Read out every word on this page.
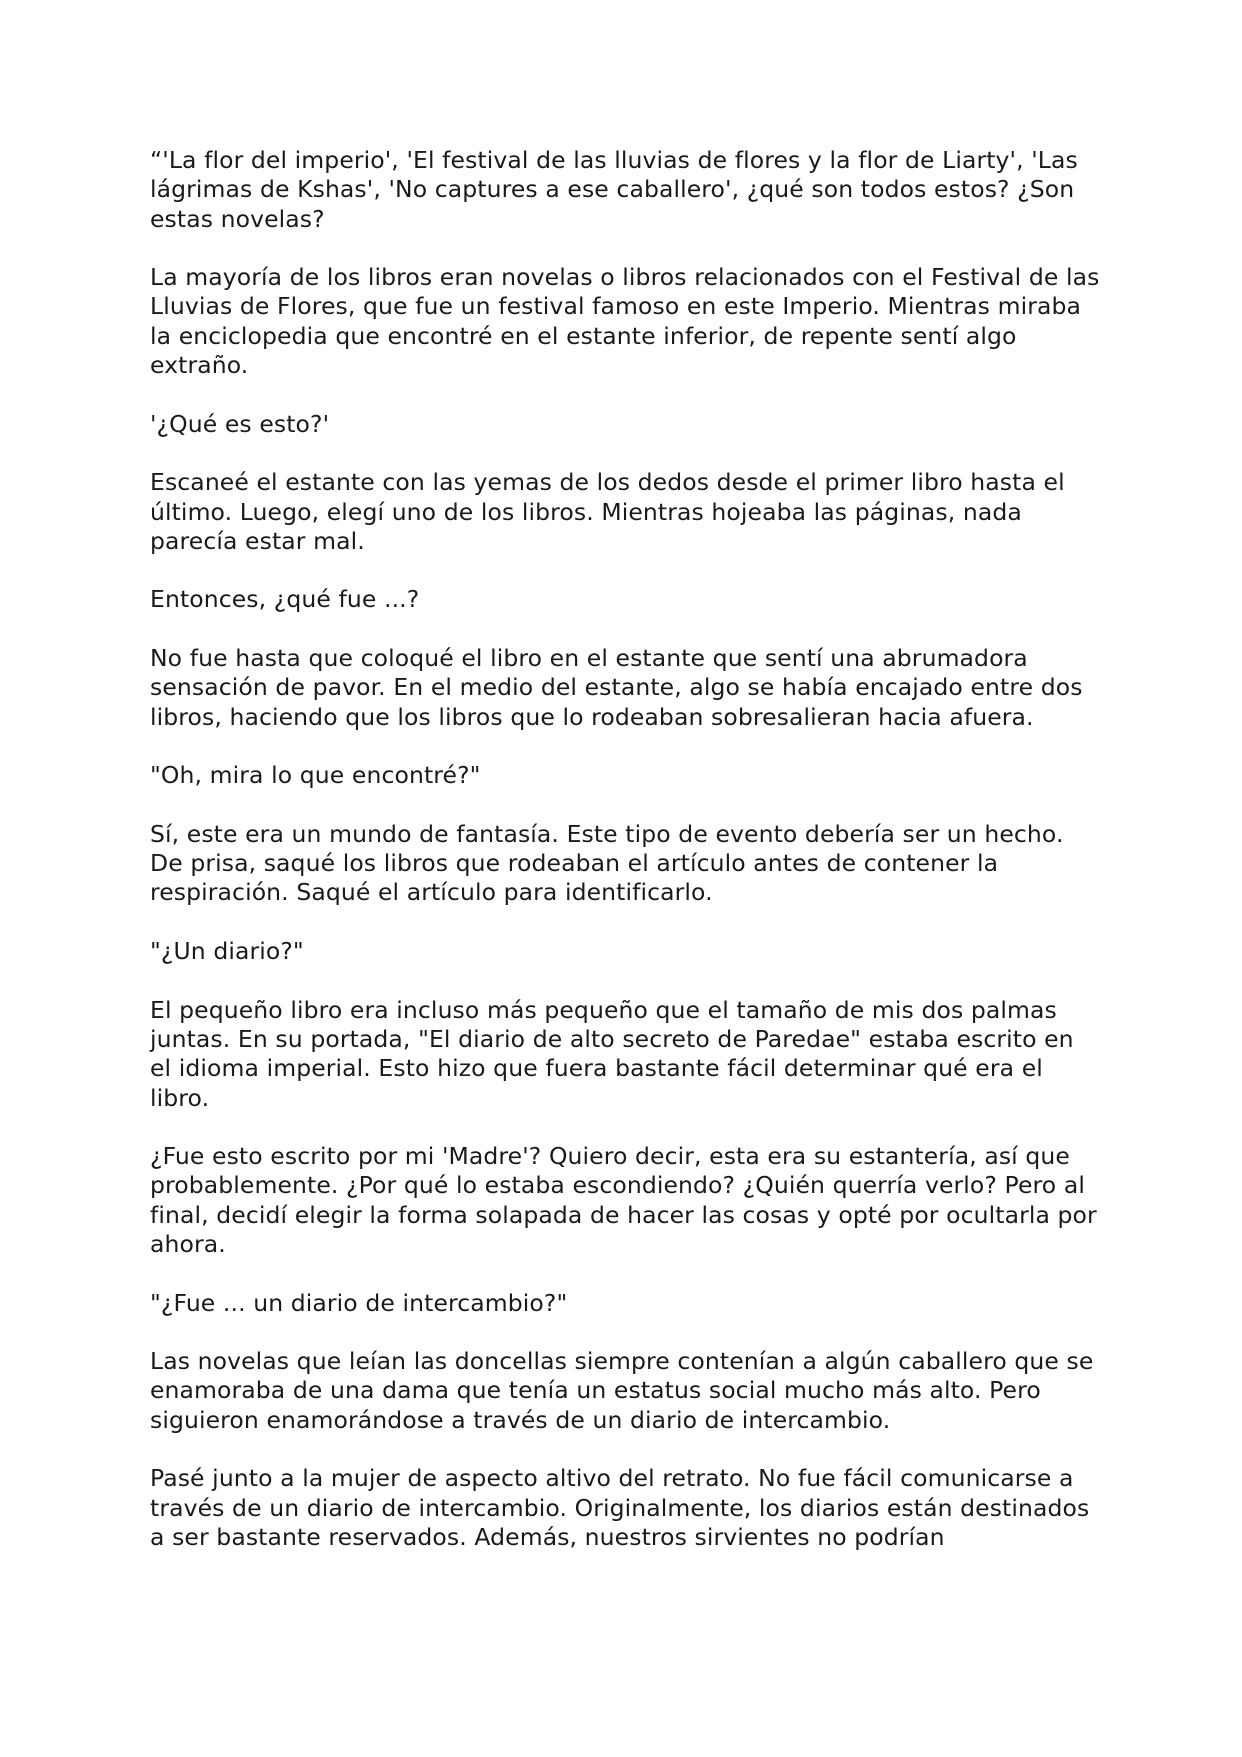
“'La flor del imperio', 'El festival de las lluvias de flores y la flor de Liarty', 'Las lágrimas de Kshas', 'No captures a ese caballero', ¿qué son todos estos? ¿Son estas novelas?

La mayoría de los libros eran novelas o libros relacionados con el Festival de las Lluvias de Flores, que fue un festival famoso en este Imperio. Mientras miraba la enciclopedia que encontré en el estante inferior, de repente sentí algo extraño.

'¿Qué es esto?'

Escaneé el estante con las yemas de los dedos desde el primer libro hasta el último. Luego, elegí uno de los libros. Mientras hojeaba las páginas, nada parecía estar mal.

Entonces, ¿qué fue ...?

No fue hasta que coloqué el libro en el estante que sentí una abrumadora sensación de pavor. En el medio del estante, algo se había encajado entre dos libros, haciendo que los libros que lo rodeaban sobresalieran hacia afuera.

"Oh, mira lo que encontré?"

Sí, este era un mundo de fantasía. Este tipo de evento debería ser un hecho. De prisa, saqué los libros que rodeaban el artículo antes de contener la respiración. Saqué el artículo para identificarlo.

"¿Un diario?"

El pequeño libro era incluso más pequeño que el tamaño de mis dos palmas juntas. En su portada, "El diario de alto secreto de Paredae" estaba escrito en el idioma imperial. Esto hizo que fuera bastante fácil determinar qué era el libro.

¿Fue esto escrito por mi 'Madre'? Quiero decir, esta era su estantería, así que probablemente. ¿Por qué lo estaba escondiendo? ¿Quién querría verlo? Pero al final, decidí elegir la forma solapada de hacer las cosas y opté por ocultarla por ahora.

"¿Fue ... un diario de intercambio?"

Las novelas que leían las doncellas siempre contenían a algún caballero que se enamoraba de una dama que tenía un estatus social mucho más alto. Pero siguieron enamorándose a través de un diario de intercambio.

Pasé junto a la mujer de aspecto altivo del retrato. No fue fácil comunicarse a través de un diario de intercambio. Originalmente, los diarios están destinados a ser bastante reservados. Además, nuestros sirvientes no podrían
